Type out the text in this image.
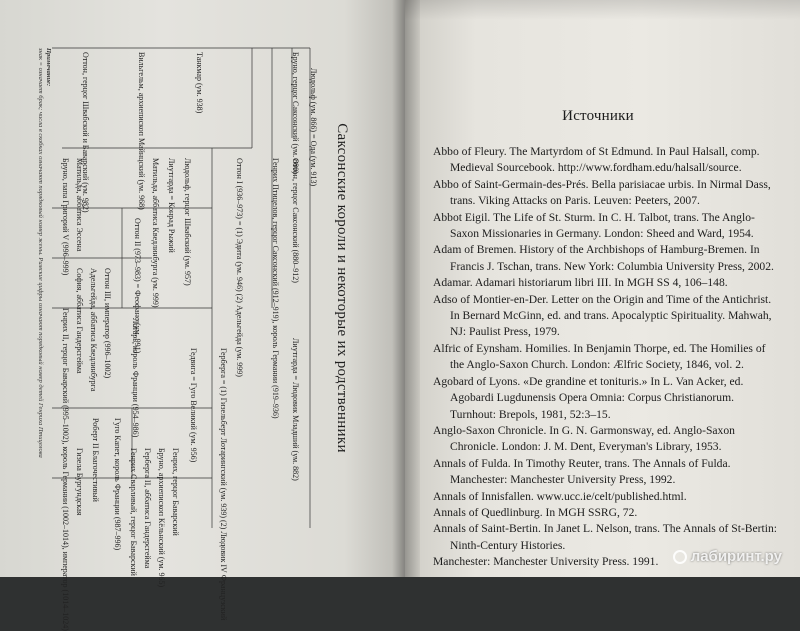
Саксонские короли и некоторые их родственники
Людольф (ум. 866) = Ода (ум. 913)
Бруно, герцог Саксонский (ум. 880)
Оттон, герцог Саксонский (880–912)
Лиутгарда = Людовик Младший (ум. 882)
Генрих Птицелов, герцог Саксонский (912–919), король Германии (919–936)
Оттон I (936–973) = (1) Эдита (ум. 946) (2) Адельгейда (ум. 999)
Герберга = (1) Гизельберт Лотарингский (ум. 939) (2) Людовик IV Французский
Гедвига = Гуго Великий (ум. 956)
Генрих, герцог Баварский
Бруно, архиепископ Кёльнский (ум. 965)
Танкмар (ум. 938)
Вильгельм, архиепископ Майнцский (ум. 968)
Людольф, герцог Швабский (ум. 957)
Лиутгарда = Конрад Рыжий
Матильда, аббатиса Кведлинбурга (ум. 999)
Оттон II (973–983) = Феофано (ум. 991)
Оттон, герцог Швабский и Баварский (ум. 982)
Оттон III, император (996–1002)
Адельгейда, аббатиса Кведлинбурга
София, аббатиса Гандерсгейма	Лотарь, король Франции (954–986)
Гуго Капет, король Франции (987–996)
Роберт II Благочестивый	Герберга II, аббатиса Гандерсгейма
Генрих Сварливый, герцог Баварский
Генрих II, герцог Баварский (995–1002), король Германии (1002–1014), император (1014–1024) Гизела Бургундская
Бруно, папа Григорий V (996–999) Матильда, аббатиса Эссена
Примечание:
знак = означает брак; числа в скобках означают порядковый номер жены. Римские цифры означают порядковый номер детей Генриха Птицелова	Источники

Abbo of Fleury. The Martyrdom of St Edmund. In Paul Halsall, comp. Medieval Sourcebook. http://www.fordham.edu/halsall/source.

Abbo of Saint-Germain-des-Prés. Bella parisiacae urbis. In Nirmal Dass, trans. Viking Attacks on Paris. Leuven: Peeters, 2007.

Abbot Eigil. The Life of St. Sturm. In C. H. Talbot, trans. The Anglo-Saxon Missionaries in Germany. London: Sheed and Ward, 1954.

Adam of Bremen. History of the Archbishops of Hamburg-Bremen. In Francis J. Tschan, trans. New York: Columbia University Press, 2002.

Adamar. Adamari historiarum libri III. In MGH SS 4, 106–148.

Adso of Montier-en-Der. Letter on the Origin and Time of the Antichrist. In Bernard McGinn, ed. and trans. Apocalyptic Spirituality. Mahwah, NJ: Paulist Press, 1979.

Alfric of Eynsham. Homilies. In Benjamin Thorpe, ed. The Homilies of the Anglo-Saxon Church. London: Ælfric Society, 1846, vol. 2.

Agobard of Lyons. «De grandine et tonituris.» In L. Van Acker, ed. Agobardi Lugdunensis Opera Omnia: Corpus Christianorum. Turnhout: Brepols, 1981, 52:3–15.

Anglo-Saxon Chronicle. In G. N. Garmonsway, ed. Anglo-Saxon Chronicle. London: J. M. Dent, Everyman's Library, 1953.

Annals of Fulda. In Timothy Reuter, trans. The Annals of Fulda. Manchester: Manchester University Press, 1992.

Annals of Innisfallen. www.ucc.ie/celt/published.html.

Annals of Quedlinburg. In MGH SSRG, 72.

Annals of Saint-Bertin. In Janet L. Nelson, trans. The Annals of St-Bertin: Ninth-Century Histories.

Manchester: Manchester University Press. 1991.	лабиринт.ру
